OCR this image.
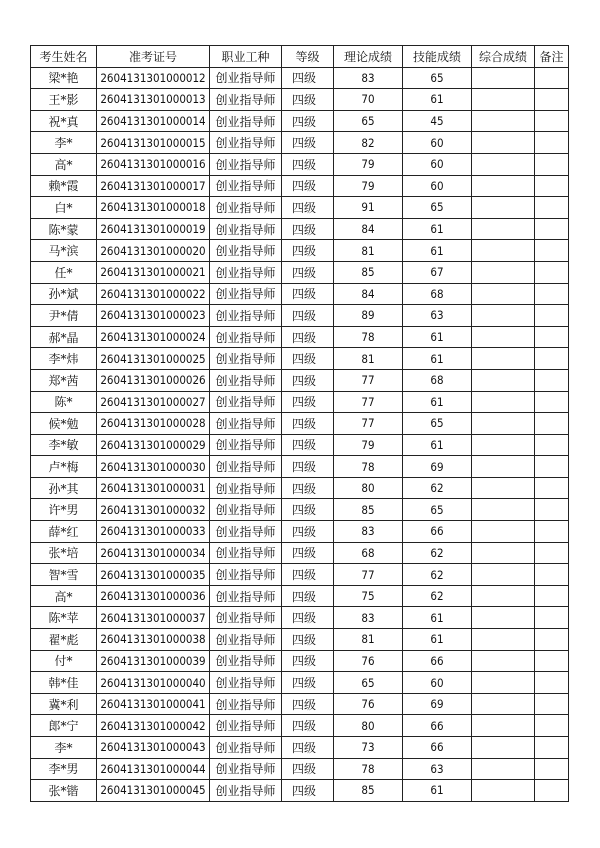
考生姓名	准考证号	职业工种	等级	理论成绩	技能成绩	综合成绩	备注
梁*艳	2604131301000012	创业指导师	四级	83	65		
王*影	2604131301000013	创业指导师	四级	70	61		
祝*真	2604131301000014	创业指导师	四级	65	45		
李*	2604131301000015	创业指导师	四级	82	60		
高*	2604131301000016	创业指导师	四级	79	60		
赖*霞	2604131301000017	创业指导师	四级	79	60		
白*	2604131301000018	创业指导师	四级	91	65		
陈*蒙	2604131301000019	创业指导师	四级	84	61		
马*滨	2604131301000020	创业指导师	四级	81	61		
任*	2604131301000021	创业指导师	四级	85	67		
孙*斌	2604131301000022	创业指导师	四级	84	68		
尹*倩	2604131301000023	创业指导师	四级	89	63		
郝*晶	2604131301000024	创业指导师	四级	78	61		
李*炜	2604131301000025	创业指导师	四级	81	61		
郑*茜	2604131301000026	创业指导师	四级	77	68		
陈*	2604131301000027	创业指导师	四级	77	61		
候*勉	2604131301000028	创业指导师	四级	77	65		
李*敏	2604131301000029	创业指导师	四级	79	61		
卢*梅	2604131301000030	创业指导师	四级	78	69		
孙*其	2604131301000031	创业指导师	四级	80	62		
许*男	2604131301000032	创业指导师	四级	85	65		
薛*红	2604131301000033	创业指导师	四级	83	66		
张*培	2604131301000034	创业指导师	四级	68	62		
智*雪	2604131301000035	创业指导师	四级	77	62		
高*	2604131301000036	创业指导师	四级	75	62		
陈*苹	2604131301000037	创业指导师	四级	83	61		
翟*彪	2604131301000038	创业指导师	四级	81	61		
付*	2604131301000039	创业指导师	四级	76	66		
韩*佳	2604131301000040	创业指导师	四级	65	60		
冀*利	2604131301000041	创业指导师	四级	76	69		
郎*宁	2604131301000042	创业指导师	四级	80	66		
李*	2604131301000043	创业指导师	四级	73	66		
李*男	2604131301000044	创业指导师	四级	78	63		
张*锴	2604131301000045	创业指导师	四级	85	61		
